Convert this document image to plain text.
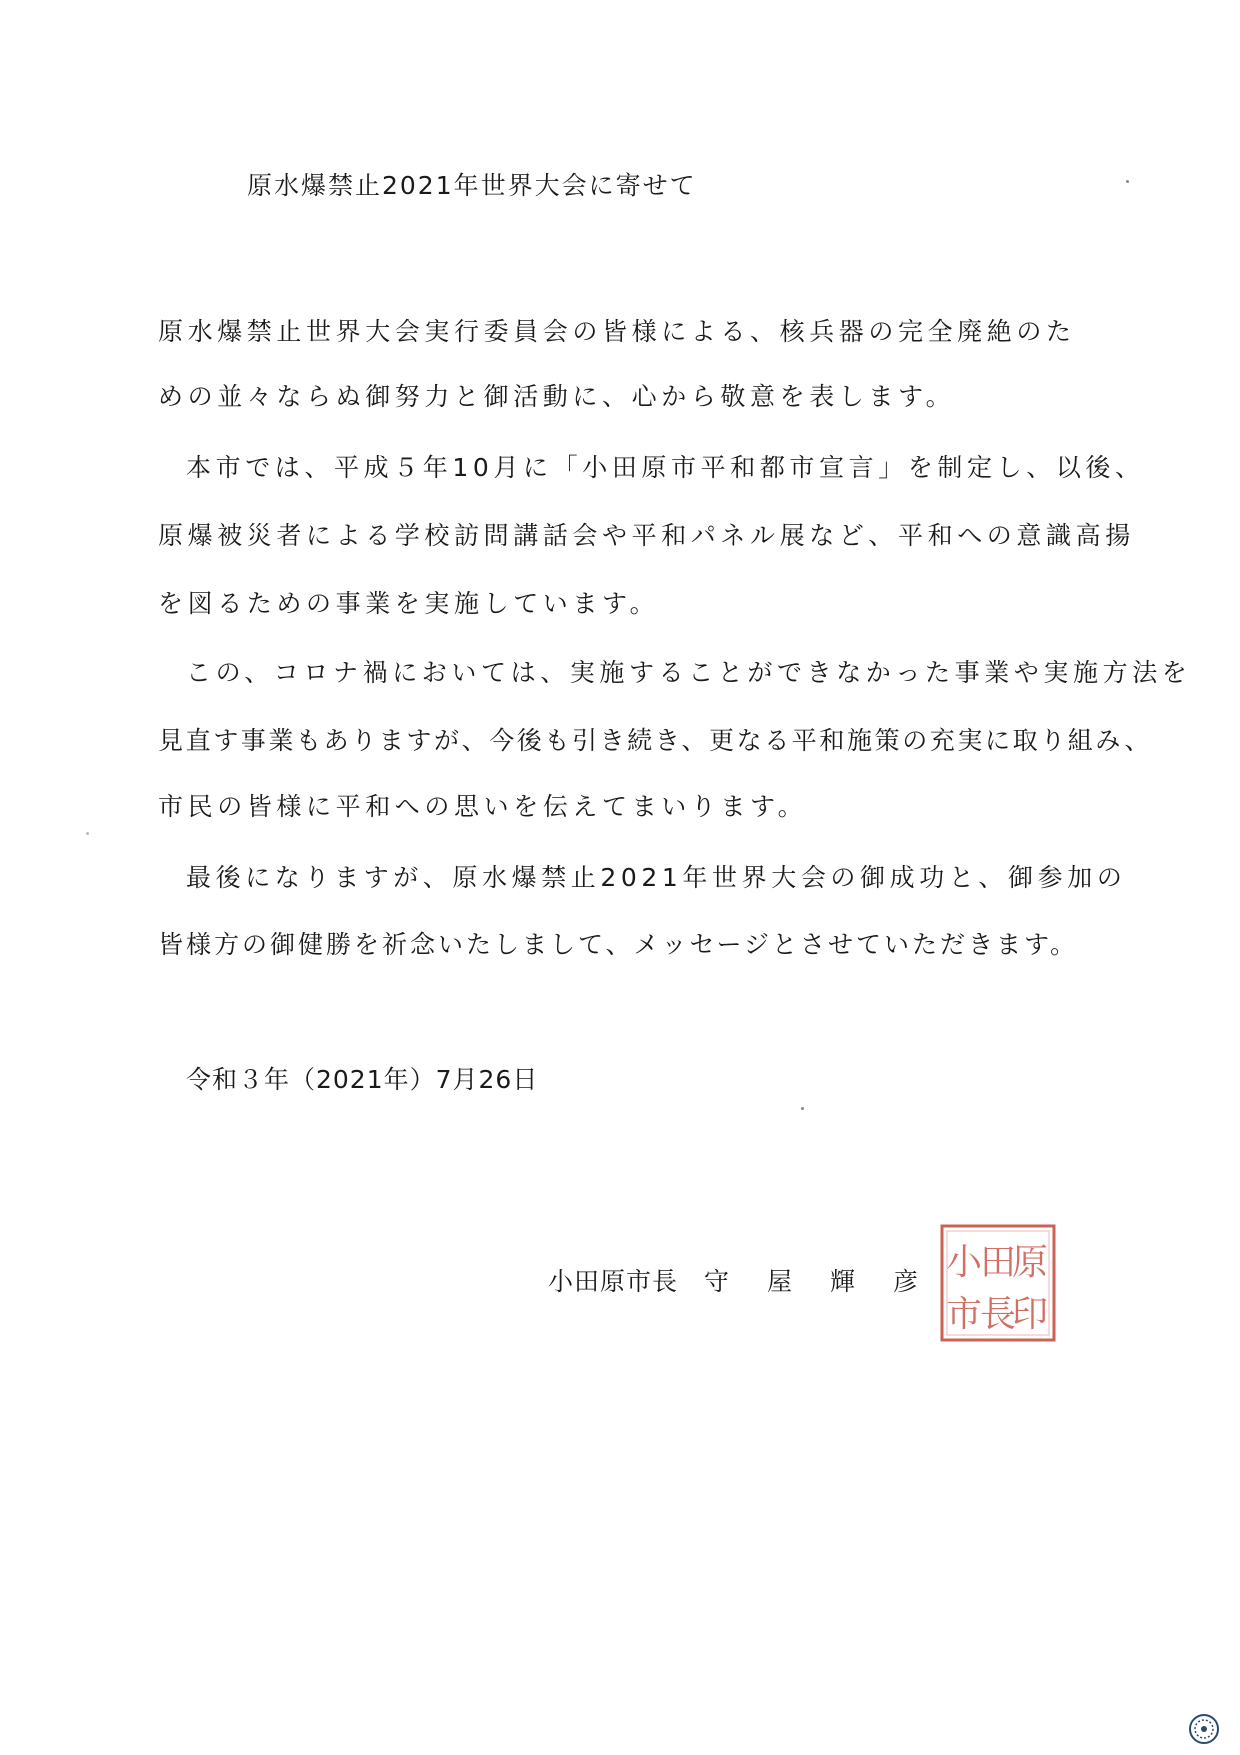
原水爆禁止2021年世界大会に寄せて
原水爆禁止世界大会実行委員会の皆様による、核兵器の完全廃絶のた
めの並々ならぬ御努力と御活動に、心から敬意を表します。
本市では、平成５年10月に「小田原市平和都市宣言」を制定し、以後、
原爆被災者による学校訪問講話会や平和パネル展など、平和への意識高揚
を図るための事業を実施しています。
この、コロナ禍においては、実施することができなかった事業や実施方法を
見直す事業もありますが、今後も引き続き、更なる平和施策の充実に取り組み、
市民の皆様に平和への思いを伝えてまいります。
最後になりますが、原水爆禁止2021年世界大会の御成功と、御参加の
皆様方の御健勝を祈念いたしまして、メッセージとさせていただきます。
令和３年（2021年）7月26日
小田原市長 守屋輝彦 原
印
田
長
小
市
